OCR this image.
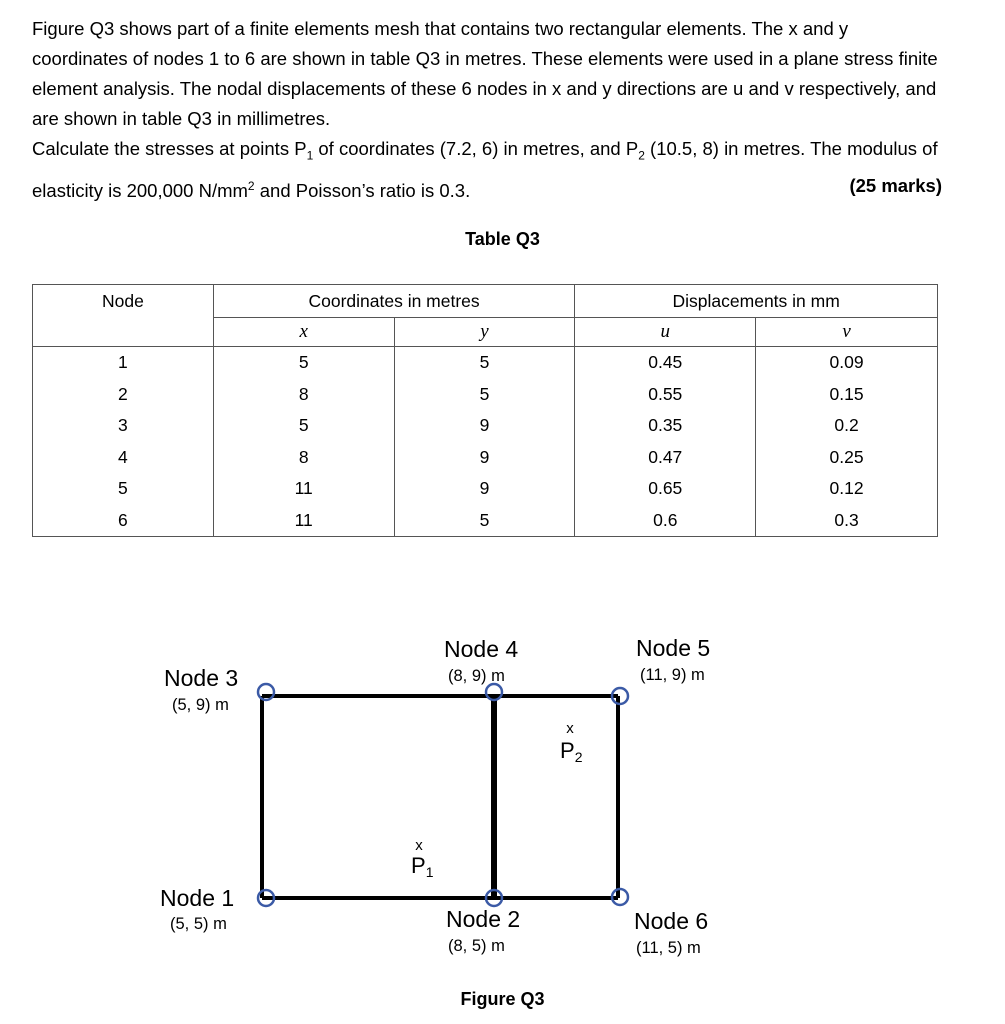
Figure Q3 shows part of a finite elements mesh that contains two rectangular elements. The x and y coordinates of nodes 1 to 6 are shown in table Q3 in metres. These elements were used in a plane stress finite element analysis. The nodal displacements of these 6 nodes in x and y directions are u and v respectively, and are shown in table Q3 in millimetres.

Calculate the stresses at points $P_1$ of coordinates (7.2, 6) in metres, and $P_2$ (10.5, 8) in metres. The modulus of elasticity is 200,000 $N/mm^2$ and Poisson’s ratio is 0.3.	(25 marks)

Table Q3
Node	Coordinates in metres		Displacements in mm	
	x	y	u	v
1	5	5	0.45	0.09
2	8	5	0.55	0.15
3	5	9	0.35	0.2
4	8	9	0.47	0.25
5	11	9	0.65	0.12
6	11	5	0.6	0.3
Node 3
(5, 9) m
Node 4
(8, 9) m
Node 5
(11, 9) m
Node 1
(5, 5) m	Node 2
(8, 5) m
Node 6
(11, 5) m
x
P1
x
P2
Figure Q3
